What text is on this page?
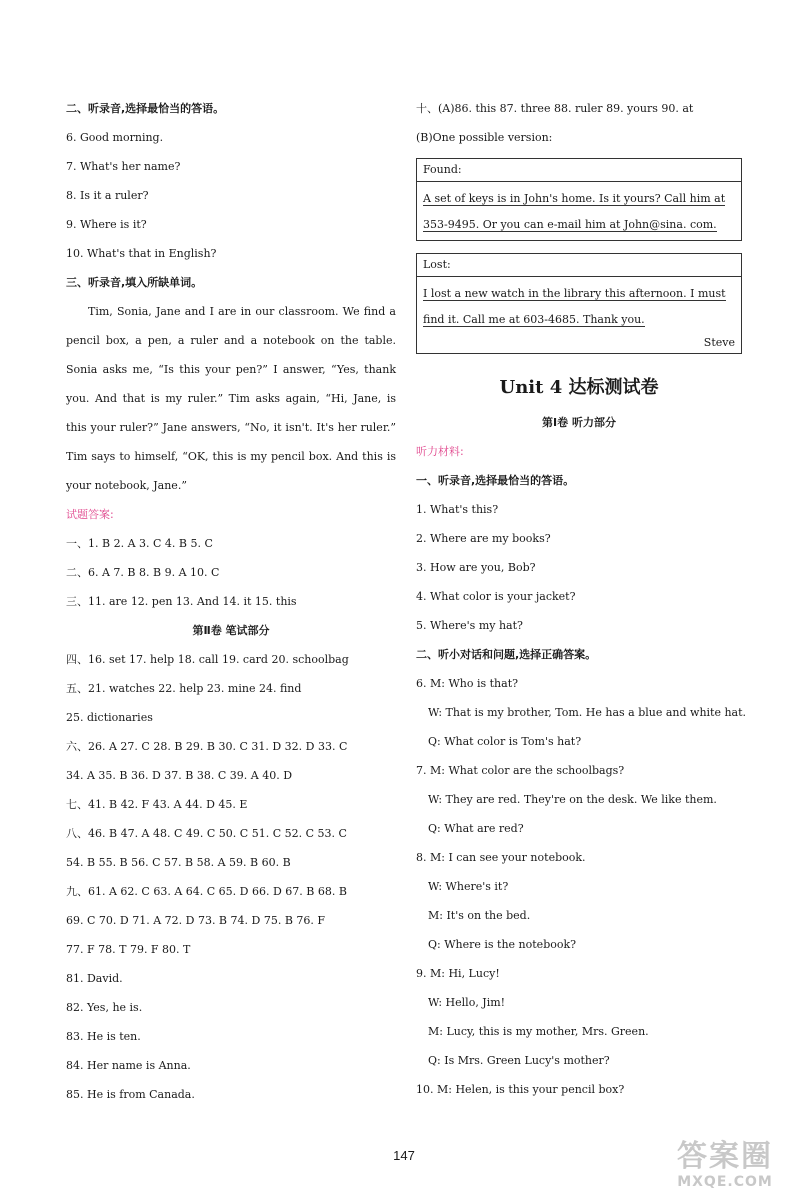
二、听录音,选择最恰当的答语。
6. Good morning.
7. What's her name?
8. Is it a ruler?
9. Where is it?
10. What's that in English?
三、听录音,填入所缺单词。
Tim, Sonia, Jane and I are in our classroom. We find a pencil box, a pen, a ruler and a notebook on the table. Sonia asks me, “Is this your pen?” I answer, “Yes, thank you. And that is my ruler.” Tim asks again, “Hi, Jane, is this your ruler?” Jane answers, “No, it isn't. It's her ruler.” Tim says to himself, “OK, this is my pencil box. And this is your notebook, Jane.”
试题答案:
一、1. B 2. A 3. C 4. B 5. C
二、6. A 7. B 8. B 9. A 10. C
三、11. are 12. pen 13. And 14. it 15. this
第Ⅱ卷 笔试部分
四、16. set 17. help 18. call 19. card 20. schoolbag
五、21. watches 22. help 23. mine 24. find
25. dictionaries
六、26. A 27. C 28. B 29. B 30. C 31. D 32. D 33. C
34. A 35. B 36. D 37. B 38. C 39. A 40. D
七、41. B 42. F 43. A 44. D 45. E
八、46. B 47. A 48. C 49. C 50. C 51. C 52. C 53. C
54. B 55. B 56. C 57. B 58. A 59. B 60. B
九、61. A 62. C 63. A 64. C 65. D 66. D 67. B 68. B
69. C 70. D 71. A 72. D 73. B 74. D 75. B 76. F
77. F 78. T 79. F 80. T
81. David.
82. Yes, he is.
83. He is ten.
84. Her name is Anna.
85. He is from Canada.
十、(A)86. this 87. three 88. ruler 89. yours 90. at
(B)One possible version:
Found:
A set of keys is in John's home. Is it yours? Call him at
353-9495. Or you can e-mail him at John@sina. com.
Lost:
I lost a new watch in the library this afternoon. I must
find it. Call me at 603-4685. Thank you.
Steve
Unit 4 达标测试卷
第Ⅰ卷 听力部分
听力材料:
一、听录音,选择最恰当的答语。
1. What's this?
2. Where are my books?
3. How are you, Bob?
4. What color is your jacket?
5. Where's my hat?
二、听小对话和问题,选择正确答案。
6. M: Who is that?
W: That is my brother, Tom. He has a blue and white hat.
Q: What color is Tom's hat?
7. M: What color are the schoolbags?
W: They are red. They're on the desk. We like them.
Q: What are red?
8. M: I can see your notebook.
W: Where's it?
M: It's on the bed.
Q: Where is the notebook?
9. M: Hi, Lucy!
W: Hello, Jim!
M: Lucy, this is my mother, Mrs. Green.
Q: Is Mrs. Green Lucy's mother?
10. M: Helen, is this your pencil box?
147	答案圈
MXQE.COM
